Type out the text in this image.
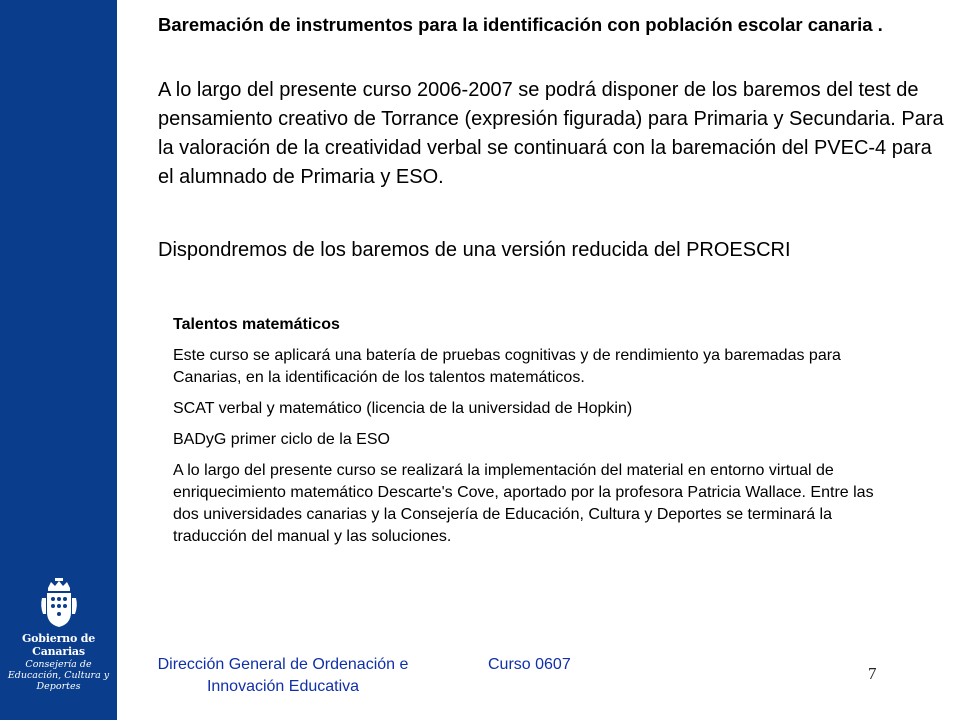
Gobierno de Canarias
Consejería de Educación, Cultura y Deportes

Baremación de instrumentos para la identificación con población escolar canaria .

A lo largo del presente curso 2006-2007 se podrá disponer de los baremos del test de pensamiento creativo de Torrance (expresión figurada) para Primaria y Secundaria. Para la valoración de la creatividad verbal se continuará con la baremación del PVEC-4 para el alumnado de Primaria y ESO.

Dispondremos de los baremos de una versión reducida del PROESCRI

Talentos matemáticos

Este curso se aplicará una batería de pruebas cognitivas y de rendimiento ya baremadas para Canarias, en la identificación de los talentos matemáticos.

SCAT verbal y matemático (licencia de la universidad de Hopkin)

BADyG primer ciclo de la ESO

A lo largo del presente curso se realizará la implementación del material en entorno virtual de enriquecimiento matemático Descarte's Cove, aportado por la profesora Patricia Wallace. Entre las dos universidades canarias y la Consejería de Educación, Cultura y Deportes se terminará la traducción del manual y las soluciones.

Dirección General de Ordenación e Innovación Educativa
Curso 0607	7
